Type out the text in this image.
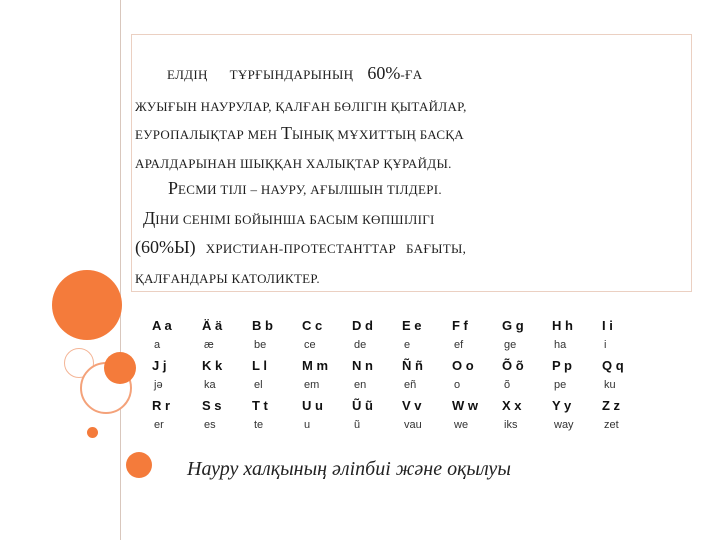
ЕЛДІҢ ТҰРҒЫНДАРЫНЫҢ 60%-ҒА
ЖУЫҒЫН НАУРУЛАР, ҚАЛҒАН БӨЛІГІН ҚЫТАЙЛАР,
ЕУРОПАЛЫҚТАР МЕН ТЫНЫҚ МҰХИТТЫҢ БАСҚА
АРАЛДАРЫНАН ШЫҚҚАН ХАЛЫҚТАР ҚҰРАЙДЫ.
РЕСМИ ТІЛІ – НАУРУ, АҒЫЛШЫН ТІЛДЕРІ.
ДІНИ СЕНІМІ БОЙЫНША БАСЫМ КӨПШІЛІГІ
(60%Ы) ХРИСТИАН-ПРОТЕСТАНТТАР БАҒЫТЫ,
ҚАЛҒАНДАРЫ КАТОЛИКТЕР.
A a	Ä ä	B b	C c	D d	E e	F f	G g	H h	I i
a	æ	be	ce	de	e	ef	ge	ha	i
J j	K k	L l	M m	N n	Ñ ñ	O o	Õ õ	P p	Q q
jə	ka	el	em	en	eñ	o	õ	pe	ku
R r	S s	T t	U u	Ũ ũ	V v	W w	X x	Y y	Z z
er	es	te	u	ũ	vau	we	iks	way	zet
Науру халқының әліпбиі және оқылуы
